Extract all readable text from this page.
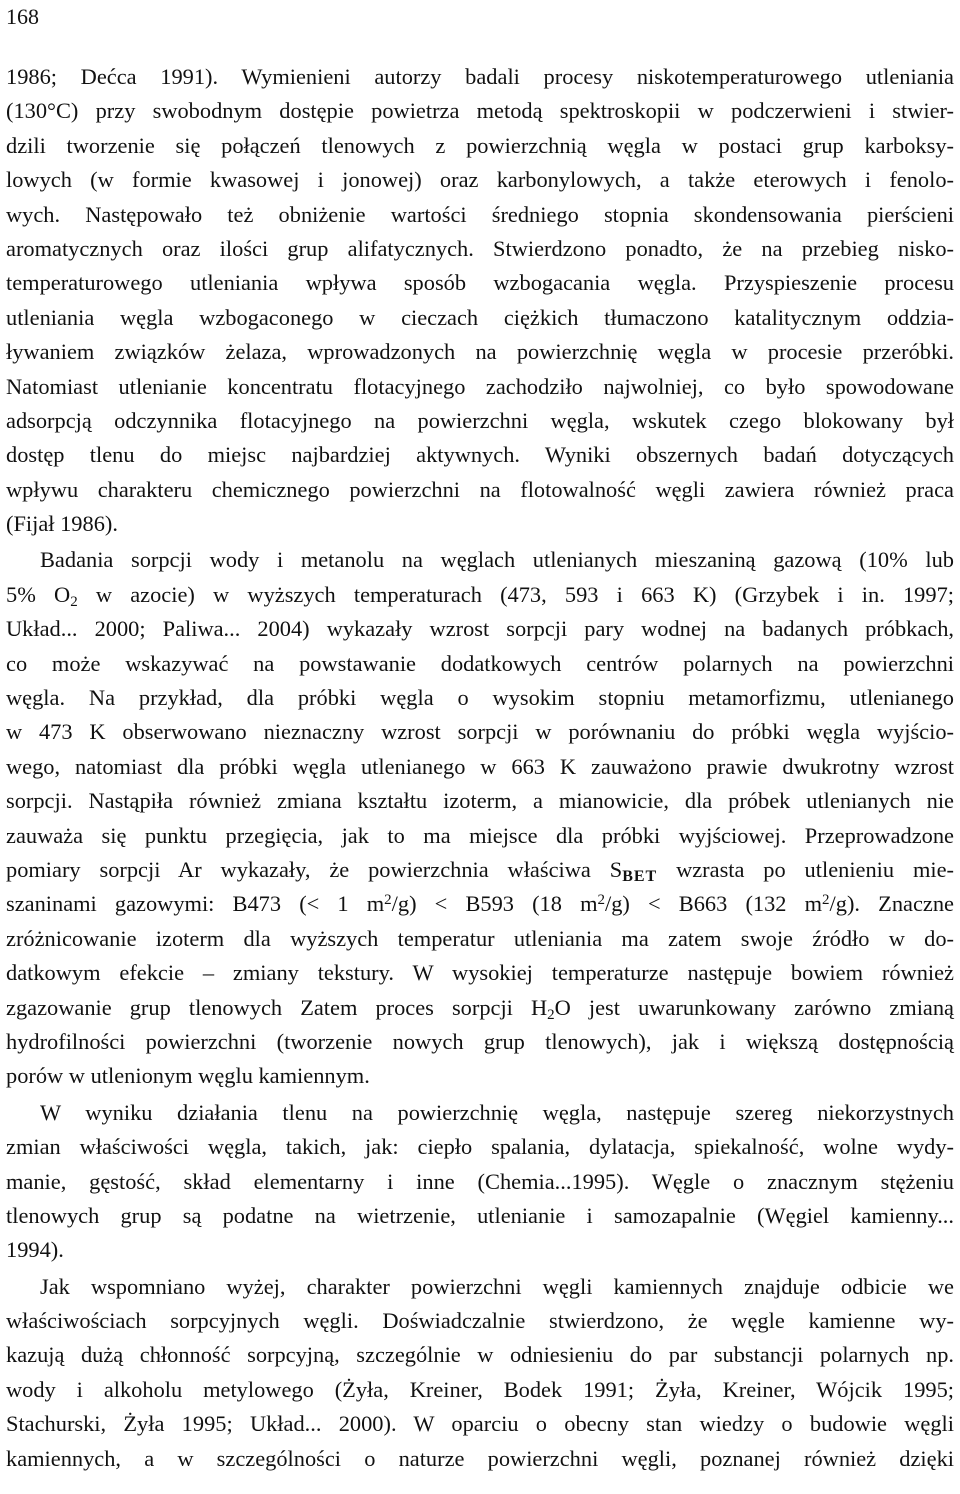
168
1986; Dećca 1991). Wymienieni autorzy badali procesy niskotemperaturowego utleniania
(130°C) przy swobodnym dostępie powietrza metodą spektroskopii w podczerwieni i stwier-
dzili tworzenie się połączeń tlenowych z powierzchnią węgla w postaci grup karboksy-
lowych (w formie kwasowej i jonowej) oraz karbonylowych, a także eterowych i fenolo-
wych. Następowało też obniżenie wartości średniego stopnia skondensowania pierścieni
aromatycznych oraz ilości grup alifatycznych. Stwierdzono ponadto, że na przebieg nisko-
temperaturowego utleniania wpływa sposób wzbogacania węgla. Przyspieszenie procesu
utleniania węgla wzbogaconego w cieczach ciężkich tłumaczono katalitycznym oddzia-
ływaniem związków żelaza, wprowadzonych na powierzchnię węgla w procesie przeróbki.
Natomiast utlenianie koncentratu flotacyjnego zachodziło najwolniej, co było spowodowane
adsorpcją odczynnika flotacyjnego na powierzchni węgla, wskutek czego blokowany był
dostęp tlenu do miejsc najbardziej aktywnych. Wyniki obszernych badań dotyczących
wpływu charakteru chemicznego powierzchni na flotowalność węgli zawiera również praca
(Fijał 1986).
Badania sorpcji wody i metanolu na węglach utlenianych mieszaniną gazową (10% lub
5% $O_2$ w azocie) w wyższych temperaturach (473, 593 i 663 K) (Grzybek i in. 1997;
Układ... 2000; Paliwa... 2004) wykazały wzrost sorpcji pary wodnej na badanych próbkach,
co może wskazywać na powstawanie dodatkowych centrów polarnych na powierzchni
węgla. Na przykład, dla próbki węgla o wysokim stopniu metamorfizmu, utlenianego
w 473 K obserwowano nieznaczny wzrost sorpcji w porównaniu do próbki węgla wyjścio-
wego, natomiast dla próbki węgla utlenianego w 663 K zauważono prawie dwukrotny wzrost
sorpcji. Nastąpiła również zmiana kształtu izoterm, a mianowicie, dla próbek utlenianych nie
zauważa się punktu przegięcia, jak to ma miejsce dla próbki wyjściowej. Przeprowadzone
pomiary sorpcji Ar wykazały, że powierzchnia właściwa SBET wzrasta po utlenieniu mie-
szaninami gazowymi: B473 (< 1 $m^2/g) < B593$ (18 $m^2/g) < B663$ (132 $m^2/g$). Znaczne
zróżnicowanie izoterm dla wyższych temperatur utleniania ma zatem swoje źródło w do-
datkowym efekcie – zmiany tekstury. W wysokiej temperaturze następuje bowiem również
zgazowanie grup tlenowych Zatem proces sorpcji $H_2O$ jest uwarunkowany zarówno zmianą
hydrofilności powierzchni (tworzenie nowych grup tlenowych), jak i większą dostępnością
porów w utlenionym węglu kamiennym.
W wyniku działania tlenu na powierzchnię węgla, następuje szereg niekorzystnych
zmian właściwości węgla, takich, jak: ciepło spalania, dylatacja, spiekalność, wolne wydy-
manie, gęstość, skład elementarny i inne (Chemia...1995). Węgle o znacznym stężeniu
tlenowych grup są podatne na wietrzenie, utlenianie i samozapalnie (Węgiel kamienny...
1994).
Jak wspomniano wyżej, charakter powierzchni węgli kamiennych znajduje odbicie we
właściwościach sorpcyjnych węgli. Doświadczalnie stwierdzono, że węgle kamienne wy-
kazują dużą chłonność sorpcyjną, szczególnie w odniesieniu do par substancji polarnych np.
wody i alkoholu metylowego (Żyła, Kreiner, Bodek 1991; Żyła, Kreiner, Wójcik 1995;
Stachurski, Żyła 1995; Układ... 2000). W oparciu o obecny stan wiedzy o budowie węgli
kamiennych, a w szczególności o naturze powierzchni węgli, poznanej również dzięki
